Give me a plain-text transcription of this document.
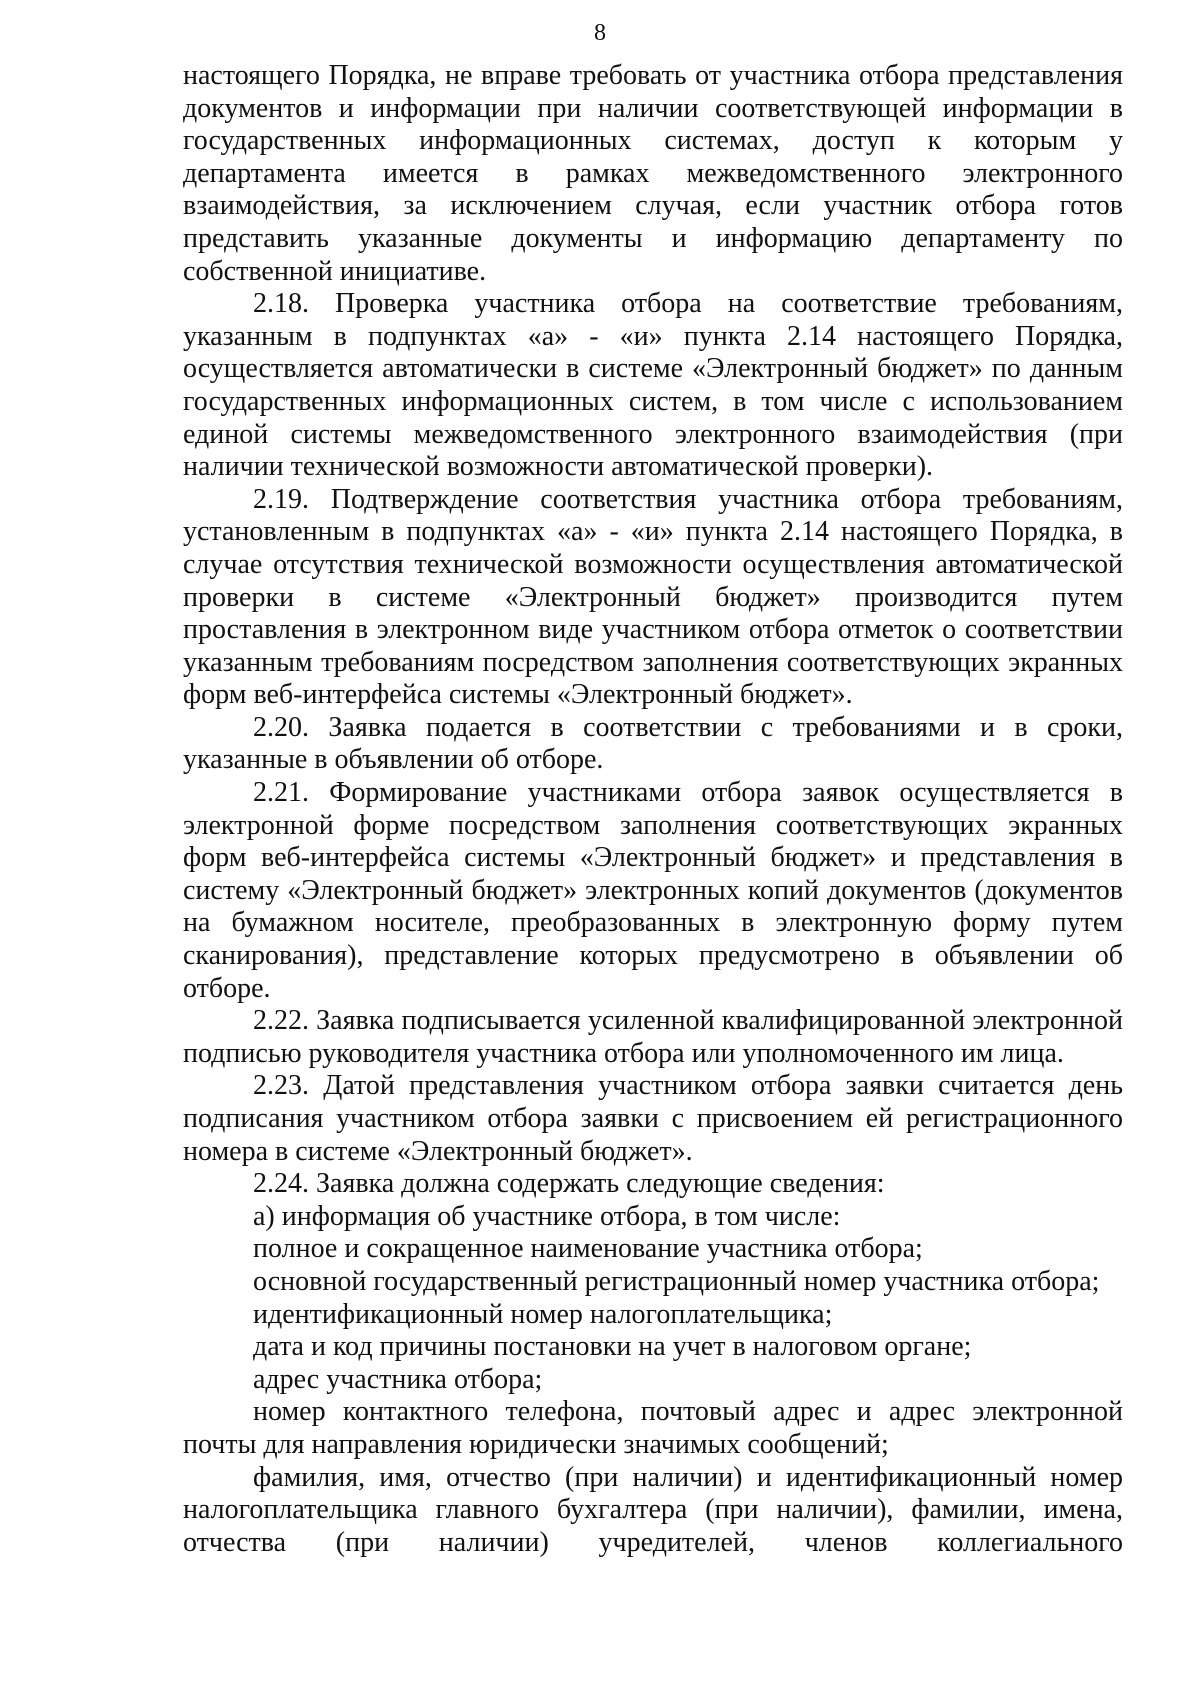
8

настоящего Порядка, не вправе требовать от участника отбора представления документов и информации при наличии соответствующей информации в государственных информационных системах, доступ к которым у департамента имеется в рамках межведомственного электронного взаимодействия, за исключением случая, если участник отбора готов представить указанные документы и информацию департаменту по собственной инициативе.

2.18. Проверка участника отбора на соответствие требованиям, указанным в подпунктах «а» - «и» пункта 2.14 настоящего Порядка, осуществляется автоматически в системе «Электронный бюджет» по данным государственных информационных систем, в том числе с использованием единой системы межведомственного электронного взаимодействия (при наличии технической возможности автоматической проверки).

2.19. Подтверждение соответствия участника отбора требованиям, установленным в подпунктах «а» - «и» пункта 2.14 настоящего Порядка, в случае отсутствия технической возможности осуществления автоматической проверки в системе «Электронный бюджет» производится путем проставления в электронном виде участником отбора отметок о соответствии указанным требованиям посредством заполнения соответствующих экранных форм веб-интерфейса системы «Электронный бюджет».

2.20. Заявка подается в соответствии с требованиями и в сроки, указанные в объявлении об отборе.

2.21. Формирование участниками отбора заявок осуществляется в электронной форме посредством заполнения соответствующих экранных форм веб-интерфейса системы «Электронный бюджет» и представления в систему «Электронный бюджет» электронных копий документов (документов на бумажном носителе, преобразованных в электронную форму путем сканирования), представление которых предусмотрено в объявлении об отборе.

2.22. Заявка подписывается усиленной квалифицированной электронной подписью руководителя участника отбора или уполномоченного им лица.

2.23. Датой представления участником отбора заявки считается день подписания участником отбора заявки с присвоением ей регистрационного номера в системе «Электронный бюджет».

2.24. Заявка должна содержать следующие сведения:

а) информация об участнике отбора, в том числе:

полное и сокращенное наименование участника отбора;

основной государственный регистрационный номер участника отбора;

идентификационный номер налогоплательщика;

дата и код причины постановки на учет в налоговом органе;

адрес участника отбора;

номер контактного телефона, почтовый адрес и адрес электронной почты для направления юридически значимых сообщений;

фамилия, имя, отчество (при наличии) и идентификационный номер налогоплательщика главного бухгалтера (при наличии), фамилии, имена, отчества (при наличии) учредителей, членов коллегиального
